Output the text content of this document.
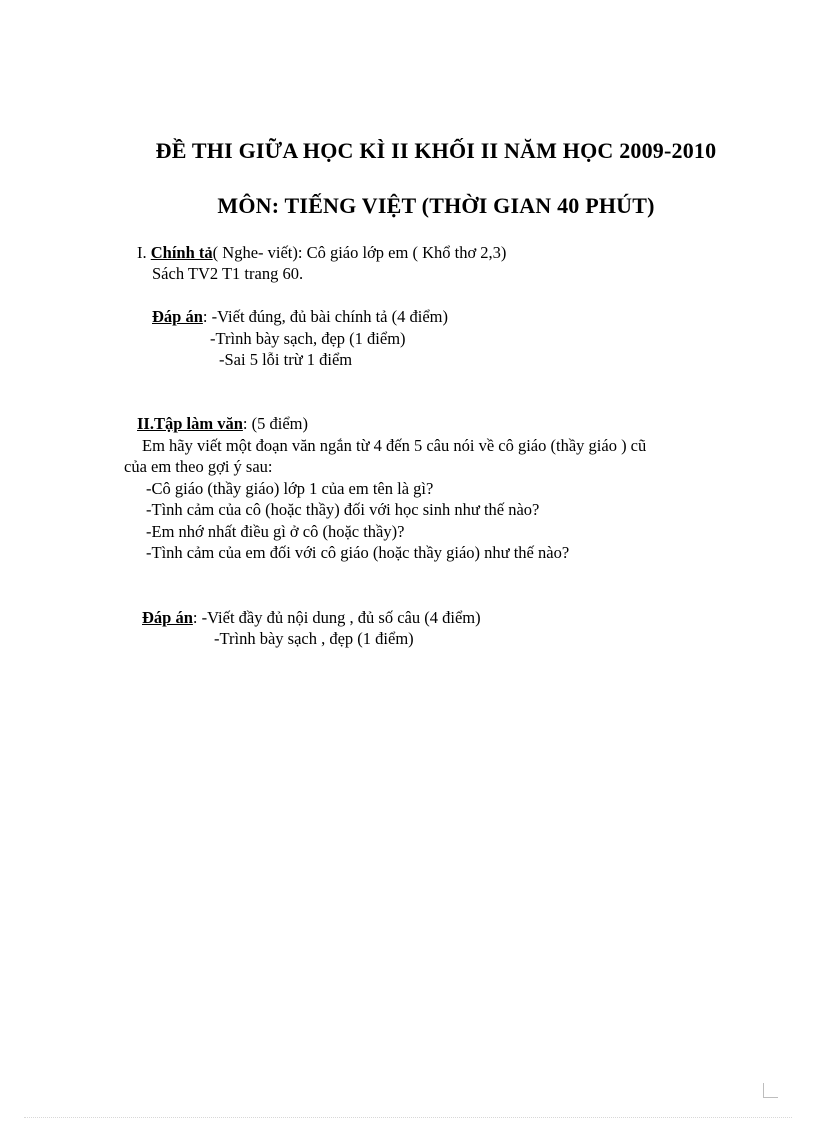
ĐỀ THI GIỮA HỌC KÌ II KHỐI II NĂM HỌC 2009-2010
MÔN: TIẾNG VIỆT (THỜI GIAN 40 PHÚT)
I. Chính tả( Nghe- viết): Cô giáo lớp em ( Khổ thơ 2,3)
Sách TV2 T1 trang 60.
Đáp án: -Viết đúng, đủ bài chính tả (4 điểm)
-Trình bày sạch, đẹp (1 điểm)
-Sai 5 lỗi trừ 1 điểm
II.Tập làm văn: (5 điểm)
Em hãy viết một đoạn văn ngắn từ 4 đến 5 câu nói về cô giáo (thầy giáo ) cũ
của em theo gợi ý sau:
-Cô giáo (thầy giáo) lớp 1 của em tên là gì?
-Tình cảm của cô (hoặc thầy) đối với học sinh như thế nào?
-Em nhớ nhất điều gì ở cô (hoặc thầy)?
-Tình cảm của em đối với cô giáo (hoặc thầy giáo) như thế nào?
Đáp án: -Viết đầy đủ nội dung , đủ số câu (4 điểm)
-Trình bày sạch , đẹp (1 điểm)
